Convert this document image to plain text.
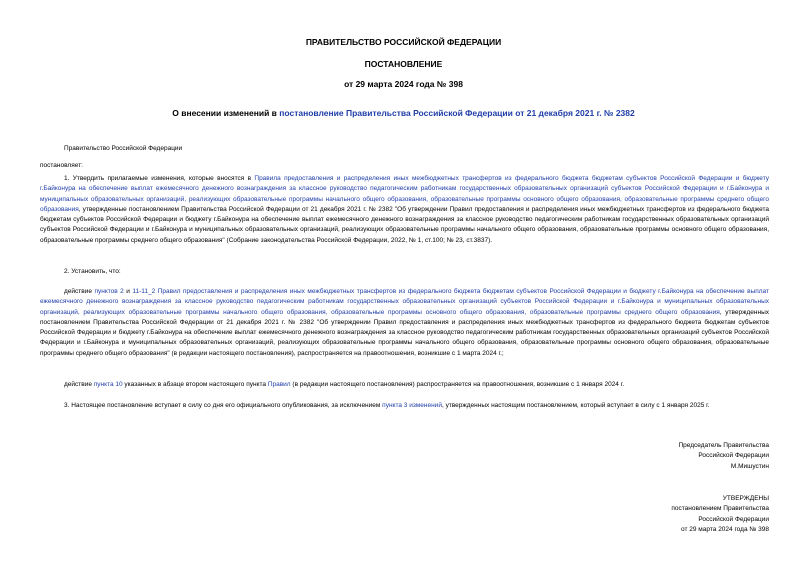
ПРАВИТЕЛЬСТВО РОССИЙСКОЙ ФЕДЕРАЦИИ
ПОСТАНОВЛЕНИЕ
от 29 марта 2024 года № 398
О внесении изменений в постановление Правительства Российской Федерации от 21 декабря 2021 г. № 2382

Правительство Российской Федерации

постановляет:

1. Утвердить прилагаемые изменения, которые вносятся в Правила предоставления и распределения иных межбюджетных трансфертов из федерального бюджета бюджетам субъектов Российской Федерации и бюджету г.Байконура на обеспечение выплат ежемесячного денежного вознаграждения за классное руководство педагогическим работникам государственных образовательных организаций субъектов Российской Федерации и г.Байконура и муниципальных образовательных организаций, реализующих образовательные программы начального общего образования, образовательные программы основного общего образования, образовательные программы среднего общего образования, утвержденные постановлением Правительства Российской Федерации от 21 декабря 2021 г. № 2382 "Об утверждении Правил предоставления и распределения иных межбюджетных трансфертов из федерального бюджета бюджетам субъектов Российской Федерации и бюджету г.Байконура на обеспечение выплат ежемесячного денежного вознаграждения за классное руководство педагогическим работникам государственных образовательных организаций субъектов Российской Федерации и г.Байконура и муниципальных образовательных организаций, реализующих образовательные программы начального общего образования, образовательные программы основного общего образования, образовательные программы среднего общего образования" (Собрание законодательства Российской Федерации, 2022, № 1, ст.100; № 23, ст.3837).

2. Установить, что:

действие пунктов 2 и 11-11_2 Правил предоставления и распределения иных межбюджетных трансфертов из федерального бюджета бюджетам субъектов Российской Федерации и бюджету г.Байконура на обеспечение выплат ежемесячного денежного вознаграждения за классное руководство педагогическим работникам государственных образовательных организаций субъектов Российской Федерации и г.Байконура и муниципальных образовательных организаций, реализующих образовательные программы начального общего образования, образовательные программы основного общего образования, образовательные программы среднего общего образования, утвержденных постановлением Правительства Российской Федерации от 21 декабря 2021 г. № 2382 "Об утверждении Правил предоставления и распределения иных межбюджетных трансфертов из федерального бюджета бюджетам субъектов Российской Федерации и бюджету г.Байконура на обеспечение выплат ежемесячного денежного вознаграждения за классное руководство педагогическим работникам государственных образовательных организаций субъектов Российской Федерации и г.Байконура и муниципальных образовательных организаций, реализующих образовательные программы начального общего образования, образовательные программы основного общего образования, образовательные программы среднего общего образования" (в редакции настоящего постановления), распространяется на правоотношения, возникшие с 1 марта 2024 г.;

действие пункта 10 указанных в абзаце втором настоящего пункта Правил (в редакции настоящего постановления) распространяется на правоотношения, возникшие с 1 января 2024 г.

3. Настоящее постановление вступает в силу со дня его официального опубликования, за исключением пункта 3 изменений, утвержденных настоящим постановлением, который вступает в силу с 1 января 2025 г.

Председатель Правительства
Российской Федерации
М.Мишустин
УТВЕРЖДЕНЫ
постановлением Правительства
Российской Федерации
от 29 марта 2024 года № 398
